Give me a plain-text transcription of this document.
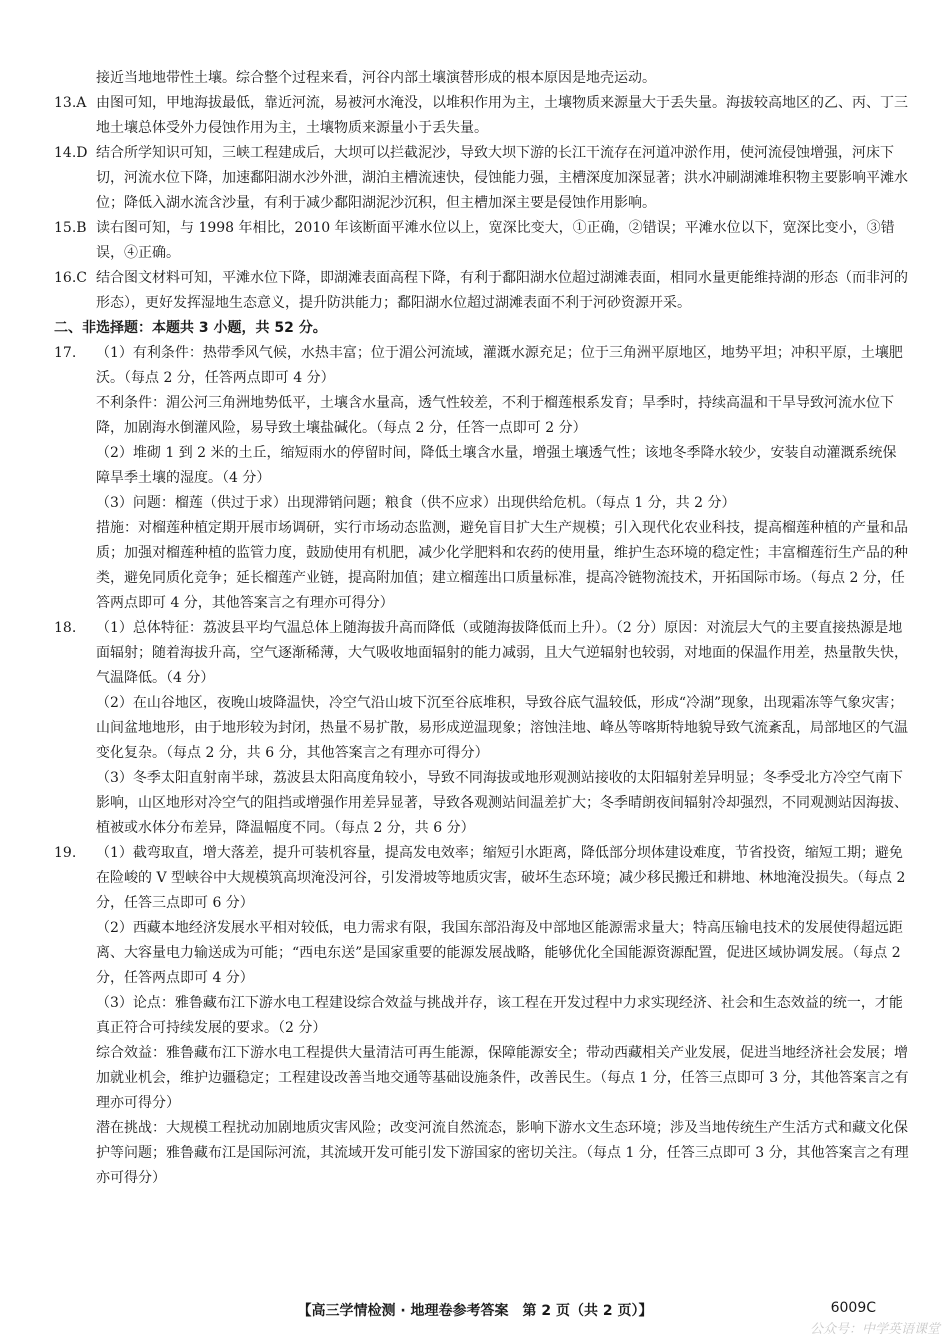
接近当地地带性土壤。综合整个过程来看，河谷内部土壤演替形成的根本原因是地壳运动。

13.A 由图可知，甲地海拔最低，靠近河流，易被河水淹没，以堆积作用为主，土壤物质来源量大于丢失量。海拔较高地区的乙、丙、丁三地土壤总体受外力侵蚀作用为主，土壤物质来源量小于丢失量。
14.D 结合所学知识可知，三峡工程建成后，大坝可以拦截泥沙，导致大坝下游的长江干流存在河道冲淤作用，使河流侵蚀增强，河床下切，河流水位下降，加速鄱阳湖水沙外泄，湖泊主槽流速快，侵蚀能力强，主槽深度加深显著；洪水冲刷湖滩堆积物主要影响平滩水位；降低入湖水流含沙量，有利于减少鄱阳湖泥沙沉积，但主槽加深主要是侵蚀作用影响。
15.B 读右图可知，与 1998 年相比，2010 年该断面平滩水位以上，宽深比变大，①正确，②错误；平滩水位以下，宽深比变小，③错误，④正确。
16.C 结合图文材料可知，平滩水位下降，即湖滩表面高程下降，有利于鄱阳湖水位超过湖滩表面，相同水量更能维持湖的形态（而非河的形态），更好发挥湿地生态意义，提升防洪能力；鄱阳湖水位超过湖滩表面不利于河砂资源开采。

二、非选择题：本题共 3 小题，共 52 分。

17.	（1）有利条件：热带季风气候，水热丰富；位于湄公河流域，灌溉水源充足；位于三角洲平原地区，地势平坦；冲积平原，土壤肥沃。（每点 2 分，任答两点即可 4 分）
不利条件：湄公河三角洲地势低平，土壤含水量高，透气性较差，不利于榴莲根系发育；旱季时，持续高温和干旱导致河流水位下降，加剧海水倒灌风险，易导致土壤盐碱化。（每点 2 分，任答一点即可 2 分）
（2）堆砌 1 到 2 米的土丘，缩短雨水的停留时间，降低土壤含水量，增强土壤透气性；该地冬季降水较少，安装自动灌溉系统保障旱季土壤的湿度。（4 分）
（3）问题：榴莲（供过于求）出现滞销问题；粮食（供不应求）出现供给危机。（每点 1 分，共 2 分）
措施：对榴莲种植定期开展市场调研，实行市场动态监测，避免盲目扩大生产规模；引入现代化农业科技，提高榴莲种植的产量和品质；加强对榴莲种植的监管力度，鼓励使用有机肥，减少化学肥料和农药的使用量，维护生态环境的稳定性；丰富榴莲衍生产品的种类，避免同质化竞争；延长榴莲产业链，提高附加值；建立榴莲出口质量标准，提高冷链物流技术，开拓国际市场。（每点 2 分，任答两点即可 4 分，其他答案言之有理亦可得分）
18.	（1）总体特征：荔波县平均气温总体上随海拔升高而降低（或随海拔降低而上升）。（2 分）原因：对流层大气的主要直接热源是地面辐射；随着海拔升高，空气逐渐稀薄，大气吸收地面辐射的能力减弱，且大气逆辐射也较弱，对地面的保温作用差，热量散失快，气温降低。（4 分）
（2）在山谷地区，夜晚山坡降温快，冷空气沿山坡下沉至谷底堆积，导致谷底气温较低，形成“冷湖”现象，出现霜冻等气象灾害；山间盆地地形，由于地形较为封闭，热量不易扩散，易形成逆温现象；溶蚀洼地、峰丛等喀斯特地貌导致气流紊乱，局部地区的气温变化复杂。（每点 2 分，共 6 分，其他答案言之有理亦可得分）
（3）冬季太阳直射南半球，荔波县太阳高度角较小，导致不同海拔或地形观测站接收的太阳辐射差异明显；冬季受北方冷空气南下影响，山区地形对冷空气的阻挡或增强作用差异显著，导致各观测站间温差扩大；冬季晴朗夜间辐射冷却强烈，不同观测站因海拔、植被或水体分布差异，降温幅度不同。（每点 2 分，共 6 分）
19.	（1）截弯取直，增大落差，提升可装机容量，提高发电效率；缩短引水距离，降低部分坝体建设难度，节省投资，缩短工期；避免在险峻的 V 型峡谷中大规模筑高坝淹没河谷，引发滑坡等地质灾害，破坏生态环境；减少移民搬迁和耕地、林地淹没损失。（每点 2 分，任答三点即可 6 分）
（2）西藏本地经济发展水平相对较低，电力需求有限，我国东部沿海及中部地区能源需求量大；特高压输电技术的发展使得超远距离、大容量电力输送成为可能；“西电东送”是国家重要的能源发展战略，能够优化全国能源资源配置，促进区域协调发展。（每点 2 分，任答两点即可 4 分）
（3）论点：雅鲁藏布江下游水电工程建设综合效益与挑战并存，该工程在开发过程中力求实现经济、社会和生态效益的统一，才能真正符合可持续发展的要求。（2 分）
综合效益：雅鲁藏布江下游水电工程提供大量清洁可再生能源，保障能源安全；带动西藏相关产业发展，促进当地经济社会发展；增加就业机会，维护边疆稳定；工程建设改善当地交通等基础设施条件，改善民生。（每点 1 分，任答三点即可 3 分，其他答案言之有理亦可得分）
潜在挑战：大规模工程扰动加剧地质灾害风险；改变河流自然流态，影响下游水文生态环境；涉及当地传统生产生活方式和藏文化保护等问题；雅鲁藏布江是国际河流，其流域开发可能引发下游国家的密切关注。（每点 1 分，任答三点即可 3 分，其他答案言之有理亦可得分）
【高三学情检测 · 地理卷参考答案　第 2 页（共 2 页）】	6009C
公众号：中学英语课堂
